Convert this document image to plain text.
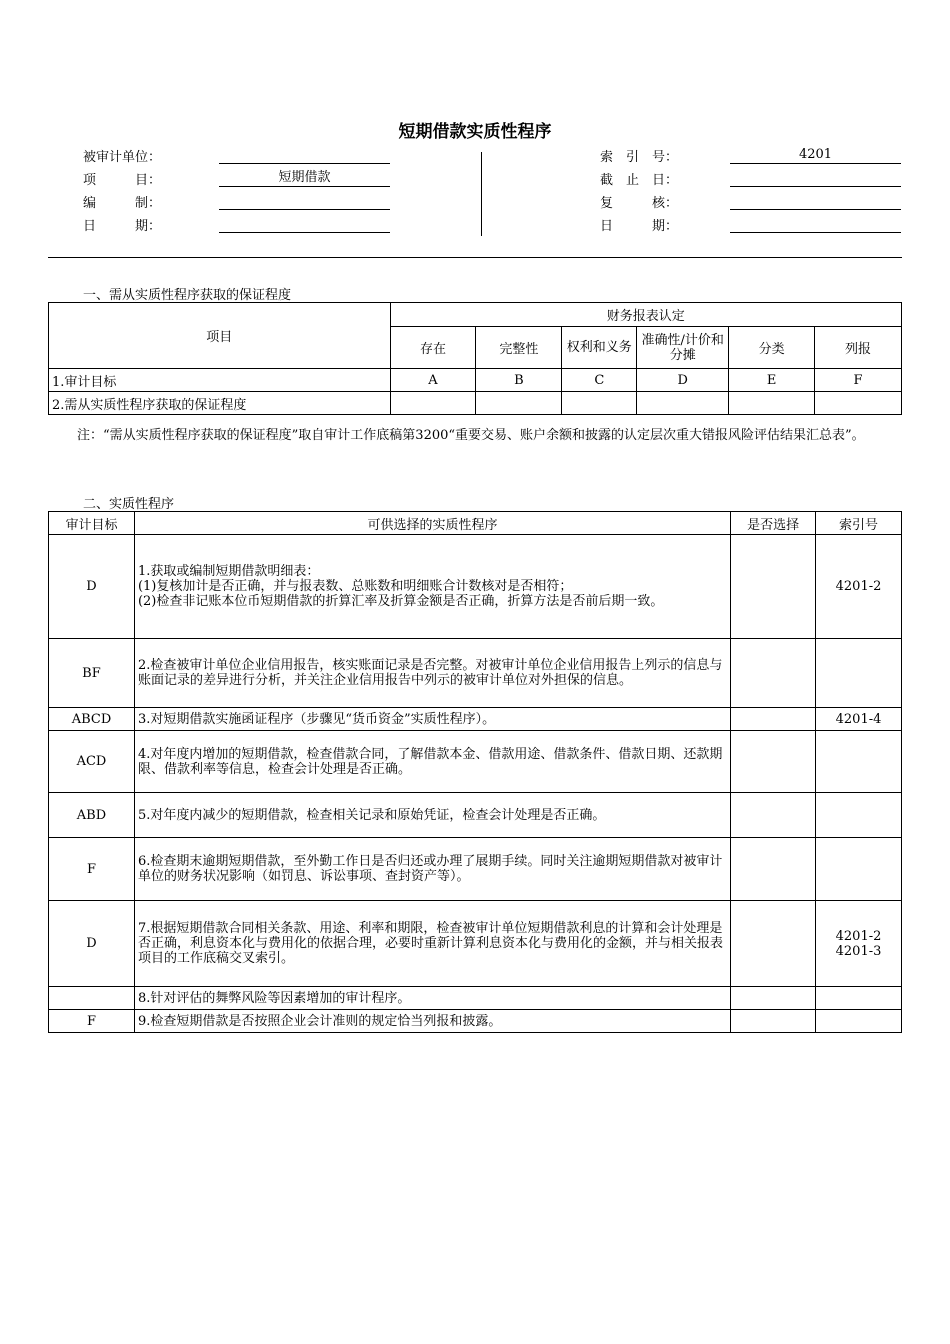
短期借款实质性程序
被审计单位：
项　　　目：	短期借款
编　　　制：
日　　　期：
索　引　号：	4201
截　止　日：
复　　　核：
日　　　期：
一、需从实质性程序获取的保证程度
项目	财务报表认定					
	存在	完整性	权利和义务	准确性/计价和分摊	分类	列报
1.审计目标	A	B	C	D	E	F
2.需从实质性程序获取的保证程度						
注：“需从实质性程序获取的保证程度”取自审计工作底稿第3200“重要交易、账户余额和披露的认定层次重大错报风险评估结果汇总表”。
二、实质性程序
审计目标	可供选择的实质性程序	是否选择	索引号
D	1.获取或编制短期借款明细表：
(1)复核加计是否正确，并与报表数、总账数和明细账合计数核对是否相符；
(2)检查非记账本位币短期借款的折算汇率及折算金额是否正确，折算方法是否前后期一致。		4201-2
BF	2.检查被审计单位企业信用报告，核实账面记录是否完整。对被审计单位企业信用报告上列示的信息与账面记录的差异进行分析，并关注企业信用报告中列示的被审计单位对外担保的信息。		
ABCD	3.对短期借款实施函证程序（步骤见“货币资金”实质性程序）。		4201-4
ACD	4.对年度内增加的短期借款，检查借款合同，了解借款本金、借款用途、借款条件、借款日期、还款期限、借款利率等信息，检查会计处理是否正确。		
ABD	5.对年度内减少的短期借款，检查相关记录和原始凭证，检查会计处理是否正确。		
F	6.检查期末逾期短期借款，至外勤工作日是否归还或办理了展期手续。同时关注逾期短期借款对被审计单位的财务状况影响（如罚息、诉讼事项、查封资产等）。		
D	7.根据短期借款合同相关条款、用途、利率和期限，检查被审计单位短期借款利息的计算和会计处理是否正确，利息资本化与费用化的依据合理，必要时重新计算利息资本化与费用化的金额，并与相关报表项目的工作底稿交叉索引。		4201-2
4201-3
	8.针对评估的舞弊风险等因素增加的审计程序。		
F	9.检查短期借款是否按照企业会计准则的规定恰当列报和披露。		
